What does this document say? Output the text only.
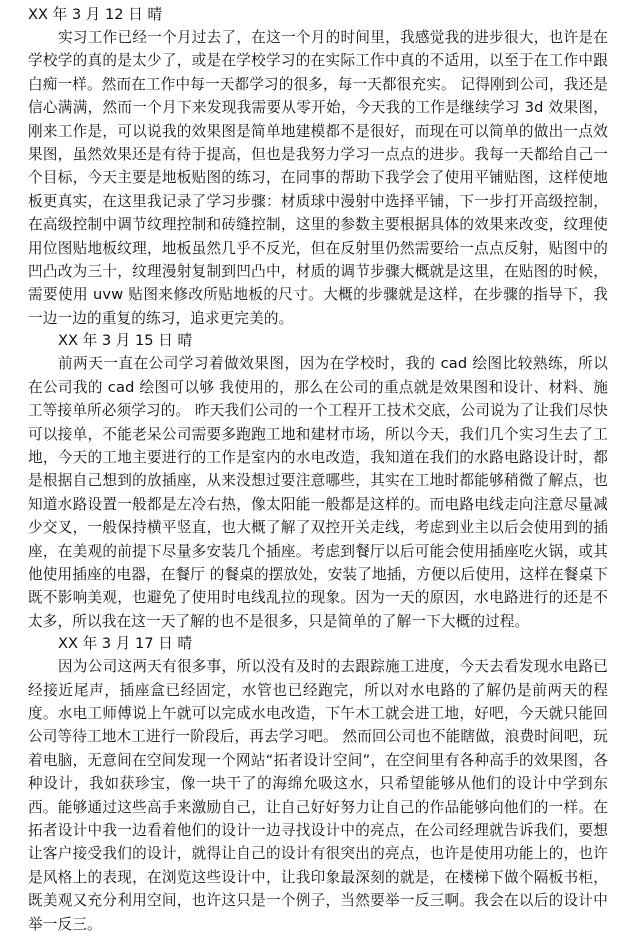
XX 年 3 月 12 日 晴

实习工作已经一个月过去了，在这一个月的时间里，我感觉我的进步很大，也许是在学校学的真的是太少了，或是在学校学习的在实际工作中真的不适用，以至于在工作中跟白痴一样。然而在工作中每一天都学习的很多，每一天都很充实。 记得刚到公司，我还是信心满满，然而一个月下来发现我需要从零开始，今天我的工作是继续学习 3d 效果图，刚来工作是，可以说我的效果图是简单地建模都不是很好，而现在可以简单的做出一点效果图，虽然效果还是有待于提高，但也是我努力学习一点点的进步。我每一天都给自己一个目标，今天主要是地板贴图的练习，在同事的帮助下我学会了使用平铺贴图，这样使地板更真实，在这里我记录了学习步骤：材质球中漫射中选择平铺，下一步打开高级控制，在高级控制中调节纹理控制和砖缝控制，这里的参数主要根据具体的效果来改变，纹理使用位图贴地板纹理，地板虽然几乎不反光，但在反射里仍然需要给一点点反射，贴图中的凹凸改为三十，纹理漫射复制到凹凸中，材质的调节步骤大概就是这里，在贴图的时候，需要使用 uvw 贴图来修改所贴地板的尺寸。大概的步骤就是这样，在步骤的指导下，我一边一边的重复的练习，追求更完美的。

XX 年 3 月 15 日 晴

前两天一直在公司学习着做效果图，因为在学校时，我的 cad 绘图比较熟练，所以在公司我的 cad 绘图可以够 我使用的，那么在公司的重点就是效果图和设计、材料、施工等接单所必须学习的。 昨天我们公司的一个工程开工技术交底，公司说为了让我们尽快可以接单，不能老呆公司需要多跑跑工地和建材市场，所以今天，我们几个实习生去了工地，今天的工地主要进行的工作是室内的水电改造，我知道在我们的水路电路设计时，都是根据自己想到的放插座，从来没想过要注意哪些，其实在工地时都能够稍微了解点，也知道水路设置一般都是左冷右热，像太阳能一般都是这样的。而电路电线走向注意尽量减少交叉，一般保持横平竖直，也大概了解了双控开关走线，考虑到业主以后会使用到的插座，在美观的前提下尽量多安装几个插座。考虑到餐厅以后可能会使用插座吃火锅，或其他使用插座的电器，在餐厅 的餐桌的摆放处，安装了地插，方便以后使用，这样在餐桌下既不影响美观，也避免了使用时电线乱拉的现象。因为一天的原因，水电路进行的还是不太多，所以我在这一天了解的也不是很多，只是简单的了解一下大概的过程。

XX 年 3 月 17 日 晴

因为公司这两天有很多事，所以没有及时的去跟踪施工进度，今天去看发现水电路已经接近尾声，插座盒已经固定，水管也已经跑完，所以对水电路的了解仍是前两天的程度。水电工师傅说上午就可以完成水电改造，下午木工就会进工地，好吧，今天就只能回公司等待工地木工进行一阶段后，再去学习吧。 然而回公司也不能瞎做，浪费时间吧，玩着电脑，无意间在空间发现一个网站“拓者设计空间”，在空间里有各种高手的效果图，各种设计，我如获珍宝，像一块干了的海绵允吸这水，只希望能够从他们的设计中学到东西。能够通过这些高手来激励自己，让自己好好努力让自己的作品能够向他们的一样。在拓者设计中我一边看着他们的设计一边寻找设计中的亮点，在公司经理就告诉我们，要想让客户接受我们的设计，就得让自己的设计有很突出的亮点，也许是使用功能上的，也许是风格上的表现，在浏览这些设计中，让我印象最深刻的就是，在楼梯下做个隔板书柜，既美观又充分利用空间，也许这只是一个例子，当然要举一反三啊。我会在以后的设计中举一反三。
